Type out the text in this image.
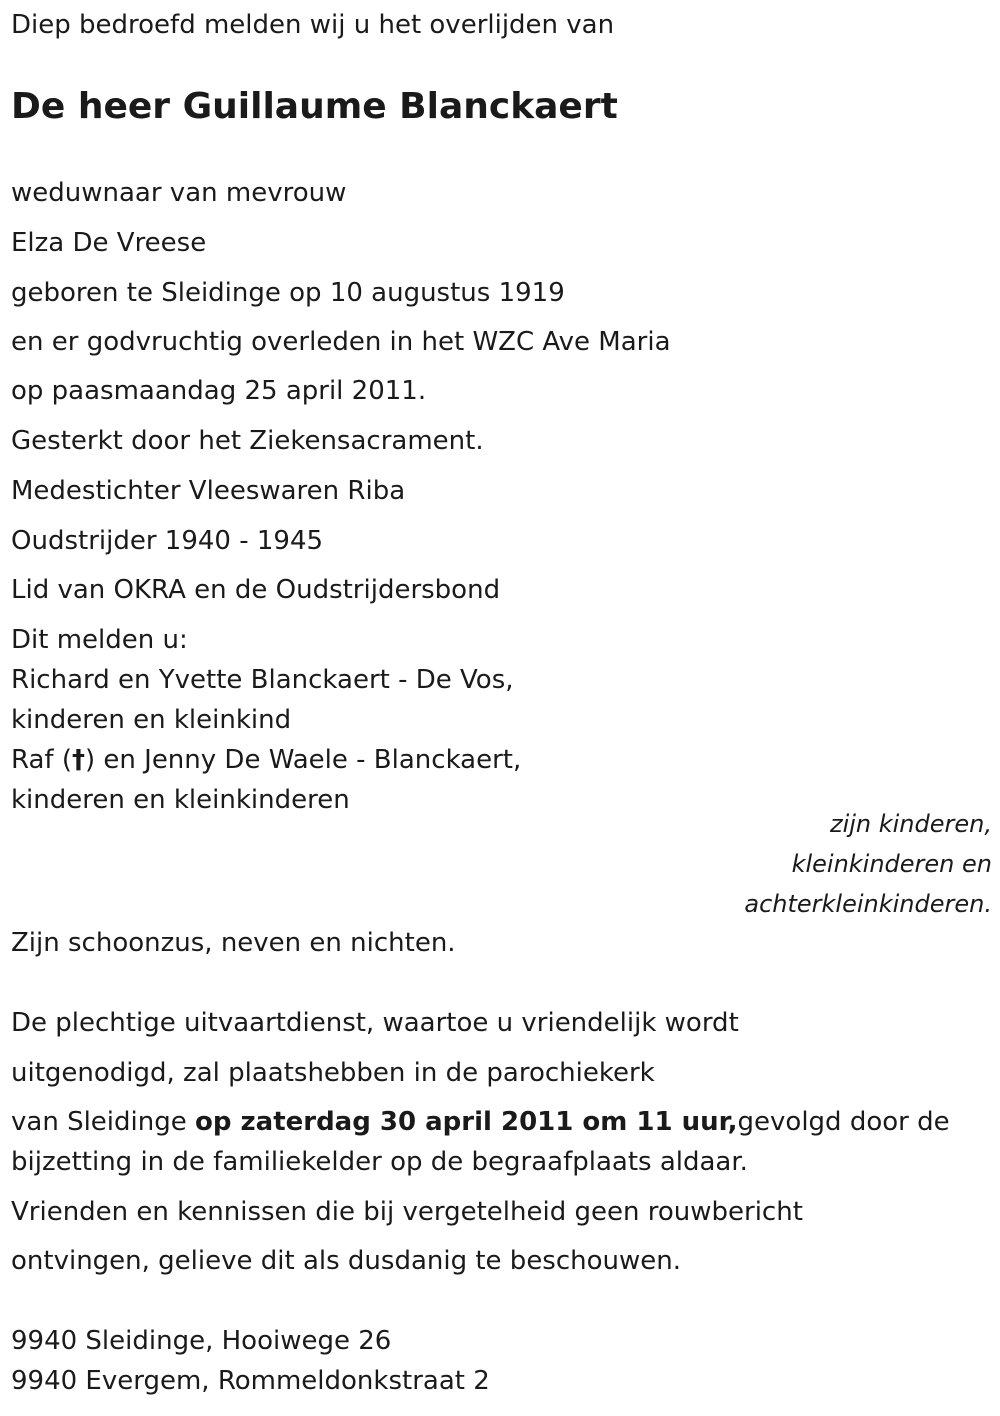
Diep bedroefd melden wij u het overlijden van
De heer Guillaume Blanckaert
weduwnaar van mevrouw
Elza De Vreese
geboren te Sleidinge op 10 augustus 1919
en er godvruchtig overleden in het WZC Ave Maria
op paasmaandag 25 april 2011.
Gesterkt door het Ziekensacrament.
Medestichter Vleeswaren Riba
Oudstrijder 1940 - 1945
Lid van OKRA en de Oudstrijdersbond
Dit melden u:
Richard en Yvette Blanckaert - De Vos,
kinderen en kleinkind
Raf (†) en Jenny De Waele - Blanckaert,
kinderen en kleinkinderen
zijn kinderen,
kleinkinderen en
achterkleinkinderen.
Zijn schoonzus, neven en nichten.
De plechtige uitvaartdienst, waartoe u vriendelijk wordt
uitgenodigd, zal plaatshebben in de parochiekerk
van Sleidinge op zaterdag 30 april 2011 om 11 uur,gevolgd door de
bijzetting in de familiekelder op de begraafplaats aldaar.
Vrienden en kennissen die bij vergetelheid geen rouwbericht
ontvingen, gelieve dit als dusdanig te beschouwen.
9940 Sleidinge, Hooiwege 26
9940 Evergem, Rommeldonkstraat 2
